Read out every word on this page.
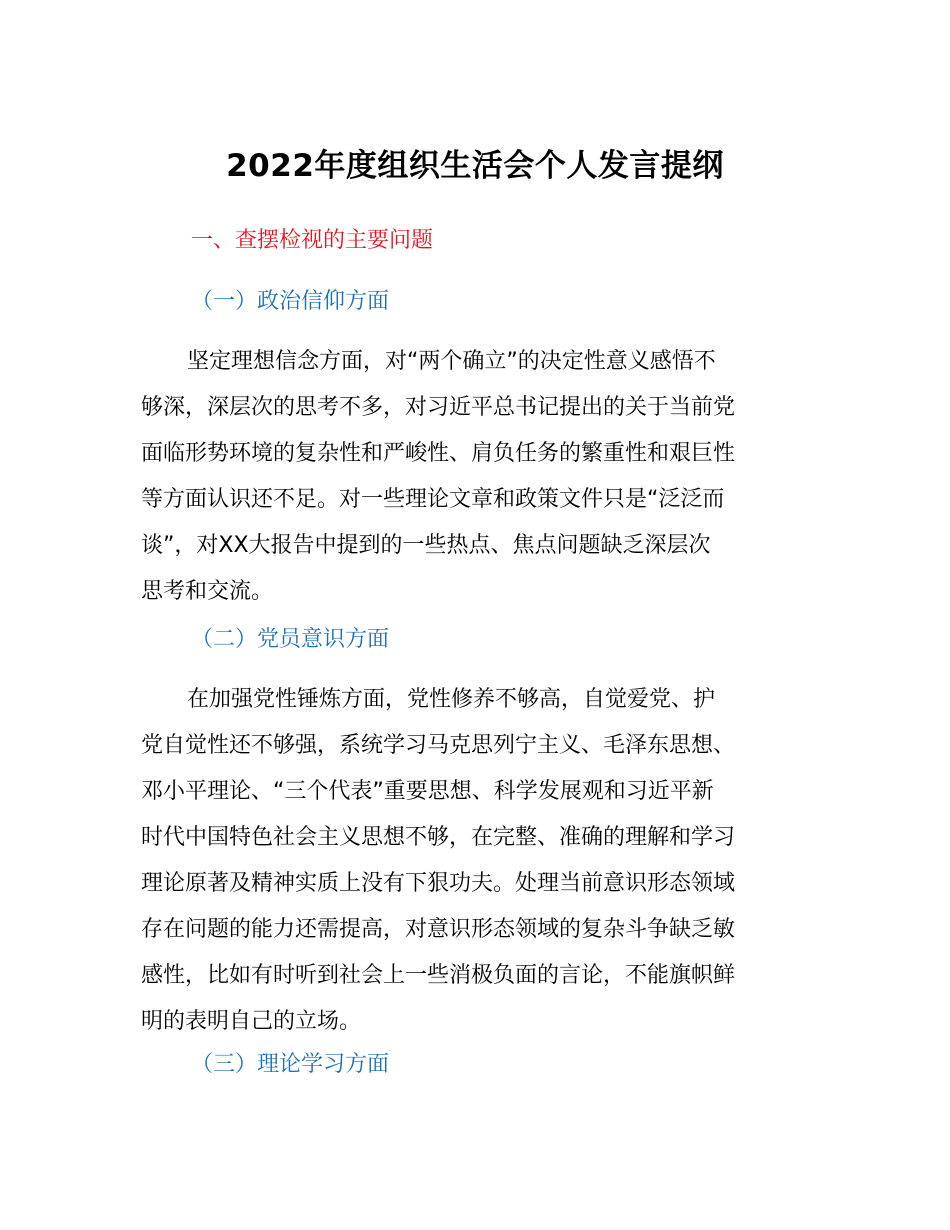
2022年度组织生活会个人发言提纲
一、查摆检视的主要问题
（一）政治信仰方面
坚定理想信念方面，对“两个确立”的决定性意义感悟不
够深，深层次的思考不多，对习近平总书记提出的关于当前党
面临形势环境的复杂性和严峻性、肩负任务的繁重性和艰巨性
等方面认识还不足。对一些理论文章和政策文件只是“泛泛而
谈”，对XX大报告中提到的一些热点、焦点问题缺乏深层次
思考和交流。
（二）党员意识方面
在加强党性锤炼方面，党性修养不够高，自觉爱党、护
党自觉性还不够强，系统学习马克思列宁主义、毛泽东思想、
邓小平理论、“三个代表”重要思想、科学发展观和习近平新
时代中国特色社会主义思想不够，在完整、准确的理解和学习
理论原著及精神实质上没有下狠功夫。处理当前意识形态领域
存在问题的能力还需提高，对意识形态领域的复杂斗争缺乏敏
感性，比如有时听到社会上一些消极负面的言论，不能旗帜鲜
明的表明自己的立场。
（三）理论学习方面
